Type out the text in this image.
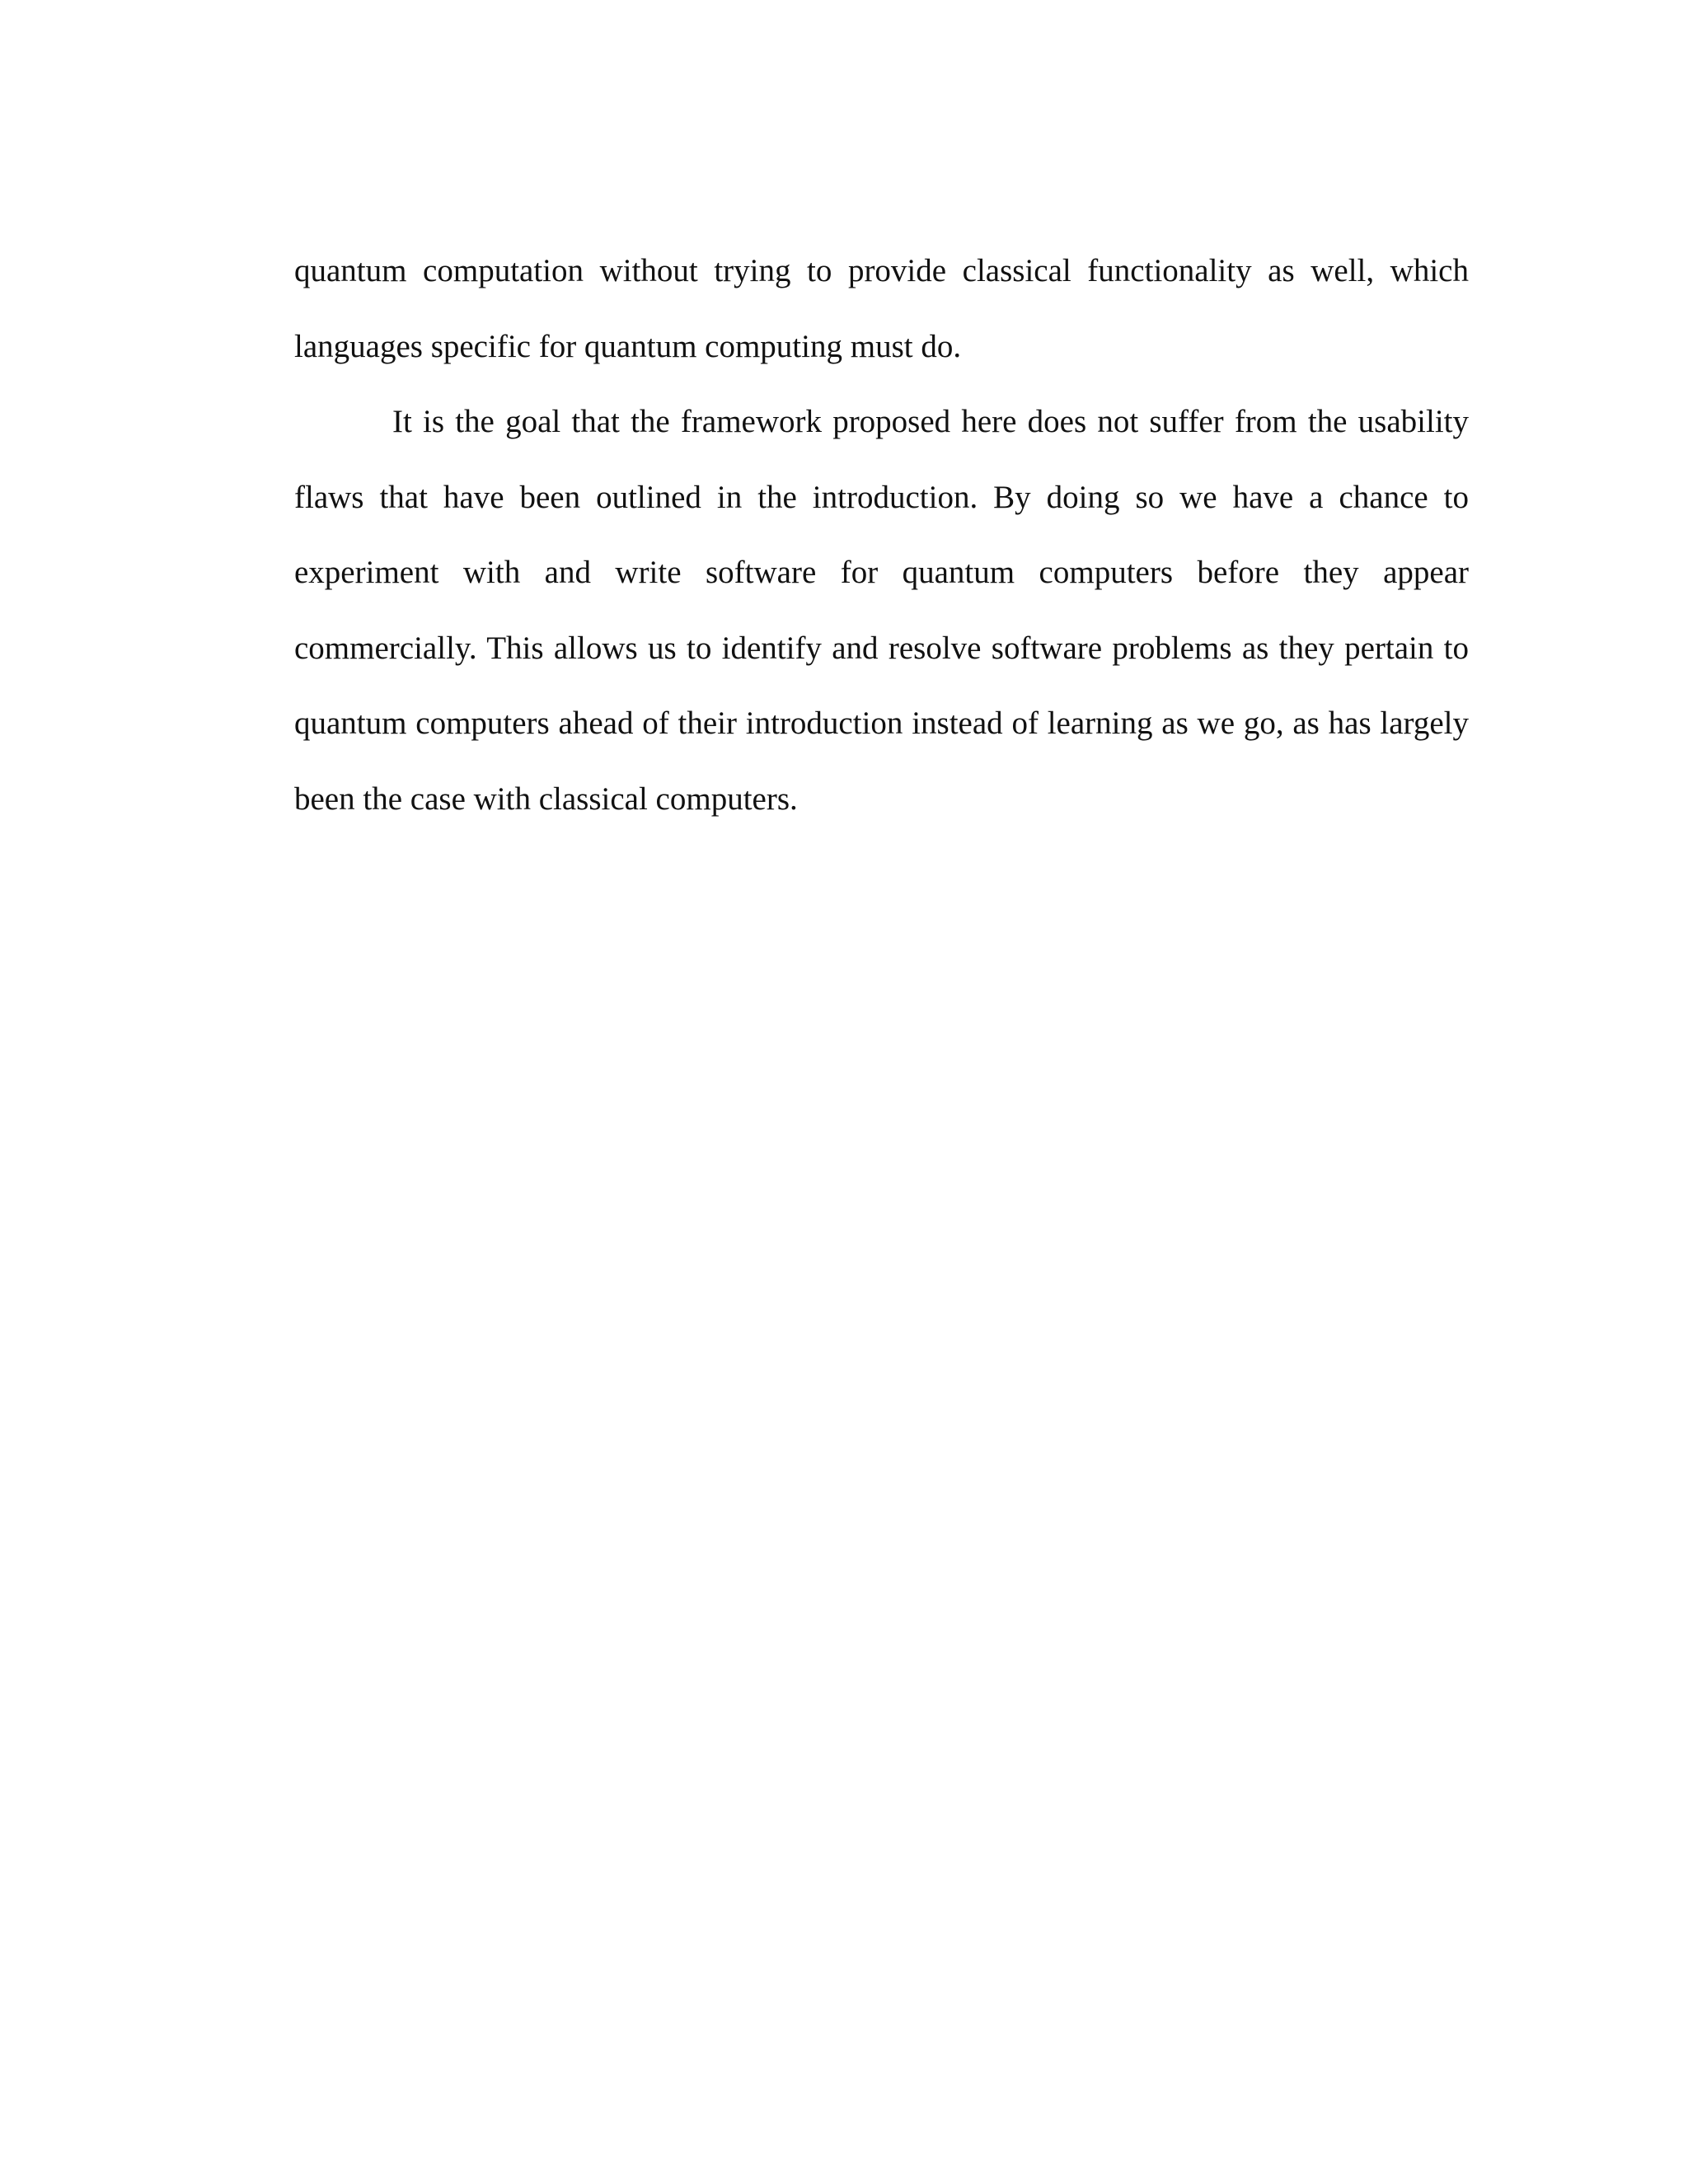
quantum computation without trying to provide classical functionality as well, which languages specific for quantum computing must do.

It is the goal that the framework proposed here does not suffer from the usability flaws that have been outlined in the introduction. By doing so we have a chance to experiment with and write software for quantum computers before they appear commercially. This allows us to identify and resolve software problems as they pertain to quantum computers ahead of their introduction instead of learning as we go, as has largely been the case with classical computers.
